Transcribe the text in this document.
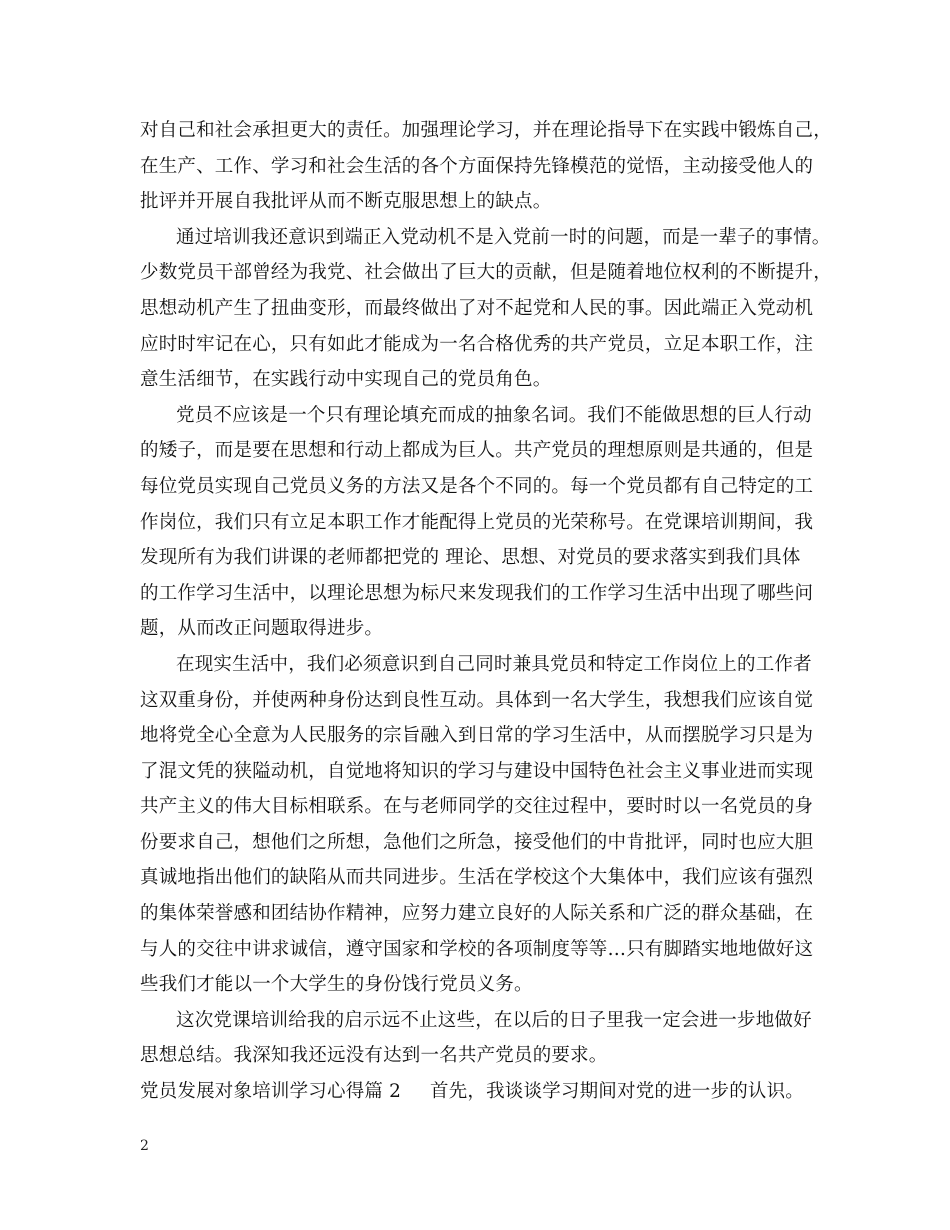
对自己和社会承担更大的责任。加强理论学习，并在理论指导下在实践中锻炼自己，
在生产、工作、学习和社会生活的各个方面保持先锋模范的觉悟，主动接受他人的
批评并开展自我批评从而不断克服思想上的缺点。
通过培训我还意识到端正入党动机不是入党前一时的问题，而是一辈子的事情。
少数党员干部曾经为我党、社会做出了巨大的贡献，但是随着地位权利的不断提升，
思想动机产生了扭曲变形，而最终做出了对不起党和人民的事。因此端正入党动机
应时时牢记在心，只有如此才能成为一名合格优秀的共产党员，立足本职工作，注
意生活细节，在实践行动中实现自己的党员角色。
党员不应该是一个只有理论填充而成的抽象名词。我们不能做思想的巨人行动
的矮子，而是要在思想和行动上都成为巨人。共产党员的理想原则是共通的，但是
每位党员实现自己党员义务的方法又是各个不同的。每一个党员都有自己特定的工
作岗位，我们只有立足本职工作才能配得上党员的光荣称号。在党课培训期间，我
发现所有为我们讲课的老师都把党的 理论、思想、对党员的要求落实到我们具体
的工作学习生活中，以理论思想为标尺来发现我们的工作学习生活中出现了哪些问
题，从而改正问题取得进步。
在现实生活中，我们必须意识到自己同时兼具党员和特定工作岗位上的工作者
这双重身份，并使两种身份达到良性互动。具体到一名大学生，我想我们应该自觉
地将党全心全意为人民服务的宗旨融入到日常的学习生活中，从而摆脱学习只是为
了混文凭的狭隘动机，自觉地将知识的学习与建设中国特色社会主义事业进而实现
共产主义的伟大目标相联系。在与老师同学的交往过程中，要时时以一名党员的身
份要求自己，想他们之所想，急他们之所急，接受他们的中肯批评，同时也应大胆
真诚地指出他们的缺陷从而共同进步。生活在学校这个大集体中，我们应该有强烈
的集体荣誉感和团结协作精神，应努力建立良好的人际关系和广泛的群众基础，在
与人的交往中讲求诚信，遵守国家和学校的各项制度等等…只有脚踏实地地做好这
些我们才能以一个大学生的身份饯行党员义务。
这次党课培训给我的启示远不止这些，在以后的日子里我一定会进一步地做好
思想总结。我深知我还远没有达到一名共产党员的要求。
党员发展对象培训学习心得篇 2	首先，我谈谈学习期间对党的进一步的认识。
2
